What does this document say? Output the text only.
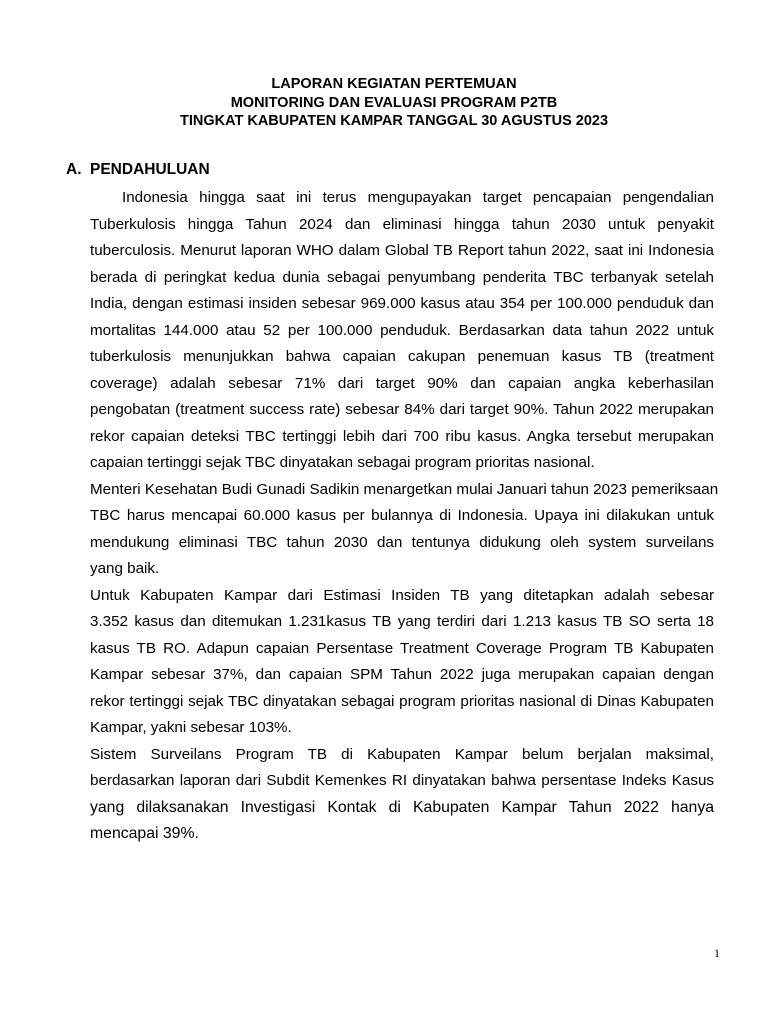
LAPORAN KEGIATAN PERTEMUAN
MONITORING DAN EVALUASI PROGRAM P2TB
TINGKAT KABUPATEN KAMPAR TANGGAL 30 AGUSTUS 2023
A. PENDAHULUAN
Indonesia hingga saat ini terus mengupayakan target pencapaian pengendalian
Tuberkulosis hingga Tahun 2024 dan eliminasi hingga tahun 2030 untuk penyakit
tuberculosis. Menurut laporan WHO dalam Global TB Report tahun 2022, saat ini Indonesia
berada di peringkat kedua dunia sebagai penyumbang penderita TBC terbanyak setelah
India, dengan estimasi insiden sebesar 969.000 kasus atau 354 per 100.000 penduduk dan
mortalitas 144.000 atau 52 per 100.000 penduduk. Berdasarkan data tahun 2022 untuk
tuberkulosis menunjukkan bahwa capaian cakupan penemuan kasus TB (treatment
coverage) adalah sebesar 71% dari target 90% dan capaian angka keberhasilan
pengobatan (treatment success rate) sebesar 84% dari target 90%. Tahun 2022 merupakan
rekor capaian deteksi TBC tertinggi lebih dari 700 ribu kasus. Angka tersebut merupakan
capaian tertinggi sejak TBC dinyatakan sebagai program prioritas nasional.
Menteri Kesehatan Budi Gunadi Sadikin menargetkan mulai Januari tahun 2023 pemeriksaan
TBC harus mencapai 60.000 kasus per bulannya di Indonesia. Upaya ini dilakukan untuk
mendukung eliminasi TBC tahun 2030 dan tentunya didukung oleh system surveilans
yang baik.
Untuk Kabupaten Kampar dari Estimasi Insiden TB yang ditetapkan adalah sebesar
3.352 kasus dan ditemukan 1.231kasus TB yang terdiri dari 1.213 kasus TB SO serta 18
kasus TB RO. Adapun capaian Persentase Treatment Coverage Program TB Kabupaten
Kampar sebesar 37%, dan capaian SPM Tahun 2022 juga merupakan capaian dengan
rekor tertinggi sejak TBC dinyatakan sebagai program prioritas nasional di Dinas Kabupaten
Kampar, yakni sebesar 103%.
Sistem Surveilans Program TB di Kabupaten Kampar belum berjalan maksimal,
berdasarkan laporan dari Subdit Kemenkes RI dinyatakan bahwa persentase Indeks Kasus
yang dilaksanakan Investigasi Kontak di Kabupaten Kampar Tahun 2022 hanya
mencapai 39%.
1
